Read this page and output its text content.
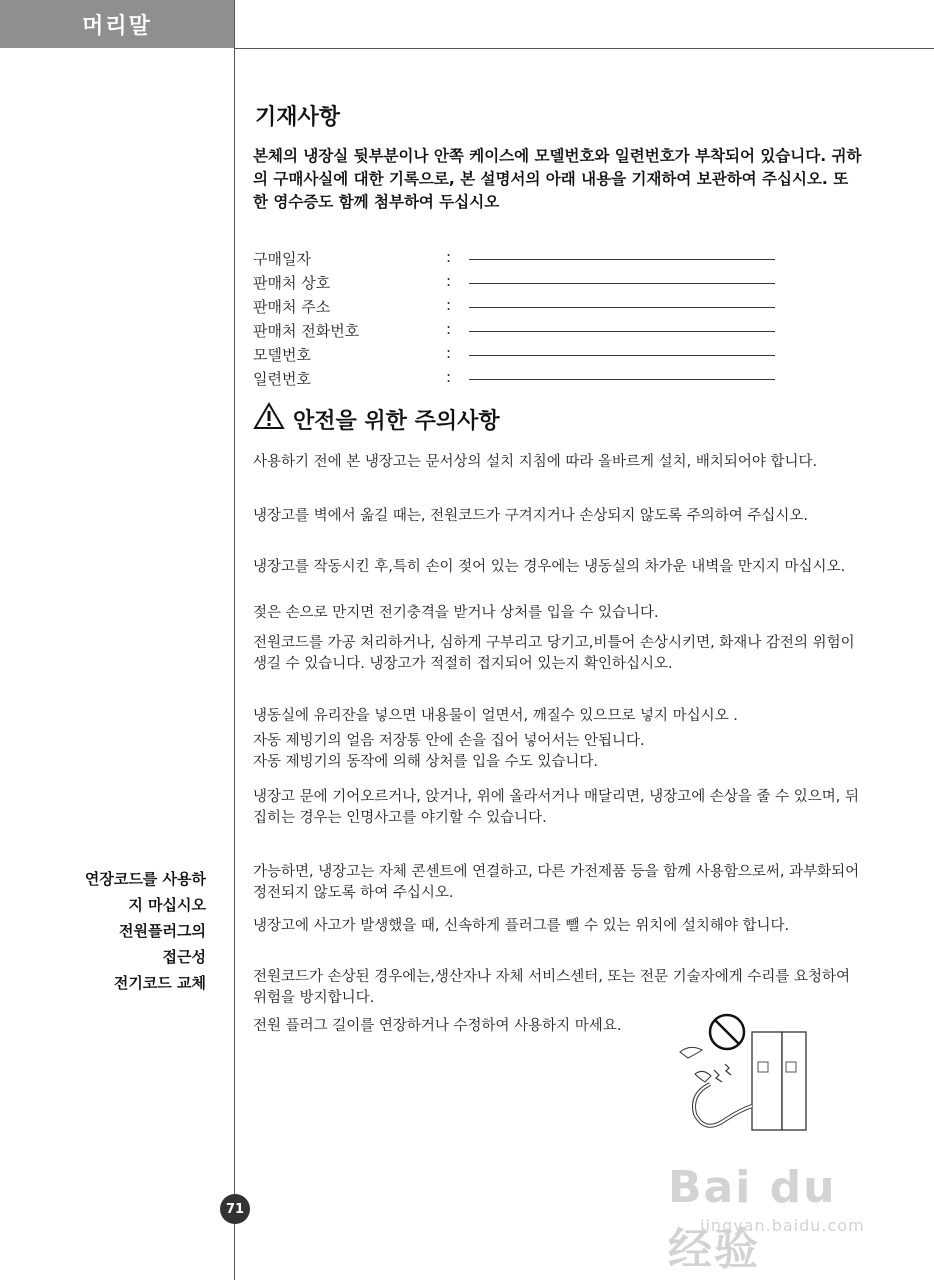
머리말
기재사항
본체의 냉장실 뒷부분이나 안쪽 케이스에 모델번호와 일련번호가 부착되어 있습니다. 귀하의 구매사실에 대한 기록으로, 본 설명서의 아래 내용을 기재하여 보관하여 주십시오. 또한 영수증도 함께 첨부하여 두십시오
구매일자	:
판매처 상호	:
판매처 주소	:
판매처 전화번호	:
모델번호	:
일련번호	:
안전을 위한 주의사항
사용하기 전에 본 냉장고는 문서상의 설치 지침에 따라 올바르게 설치, 배치되어야 합니다.
냉장고를 벽에서 옮길 때는, 전원코드가 구겨지거나 손상되지 않도록 주의하여 주십시오.
냉장고를 작동시킨 후,특히 손이 젖어 있는 경우에는 냉동실의 차가운 내벽을 만지지 마십시오.
젖은 손으로 만지면 전기충격을 받거나 상처를 입을 수 있습니다.
전원코드를 가공 처리하거나, 심하게 구부리고 당기고,비틀어 손상시키면, 화재나 감전의 위험이 생길 수 있습니다. 냉장고가 적절히 접지되어 있는지 확인하십시오.
냉동실에 유리잔을 넣으면 내용물이 얼면서, 깨질수 있으므로 넣지 마십시오 .
자동 제빙기의 얼음 저장통 안에 손을 집어 넣어서는 안됩니다.
자동 제빙기의 동작에 의해 상처를 입을 수도 있습니다.
냉장고 문에 기어오르거나, 앉거나, 위에 올라서거나 매달리면, 냉장고에 손상을 줄 수 있으며, 뒤집히는 경우는 인명사고를 야기할 수 있습니다.
연장코드를 사용하
지 마십시오
전원플러그의
접근성
전기코드 교체
가능하면, 냉장고는 자체 콘센트에 연결하고, 다른 가전제품 등을 함께 사용함으로써, 과부화되어 정전되지 않도록 하여 주십시오.
냉장고에 사고가 발생했을 때, 신속하게 플러그를 뺄 수 있는 위치에 설치해야 합니다.
전원코드가 손상된 경우에는,생산자나 자체 서비스센터, 또는 전문 기술자에게 수리를 요청하여 위험을 방지합니다.
전원 플러그 길이를 연장하거나 수정하여 사용하지 마세요.
Bai du 经验
jingyan.baidu.com
71
